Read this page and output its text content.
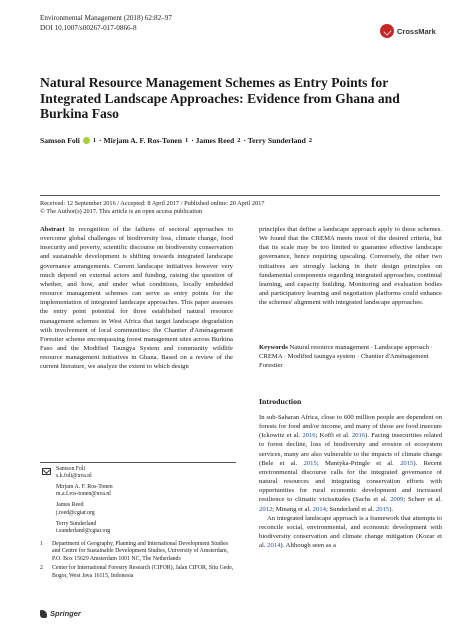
Environmental Management (2018) 62:82–97
DOI 10.1007/s00267-017-0866-8	CrossMark
Natural Resource Management Schemes as Entry Points for Integrated Landscape Approaches: Evidence from Ghana and Burkina Faso
Samson Foli 1 · Mirjam A. F. Ros-Tonen 1 · James Reed 2 · Terry Sunderland 2
Received: 12 September 2016 / Accepted: 8 April 2017 / Published online: 20 April 2017
© The Author(s) 2017. This article is an open access publication
Abstract In recognition of the failures of sectoral approaches to overcome global challenges of biodiversity loss, climate change, food insecurity and poverty, scientific discourse on biodiversity conservation and sustainable development is shifting towards integrated landscape governance arrangements. Current landscape initiatives however very much depend on external actors and funding, raising the question of whether, and how, and under what conditions, locally embedded resource management schemes can serve as entry points for the implementation of integrated landscape approaches. This paper assesses the entry point potential for three established natural resource management schemes in West Africa that target landscape degradation with involvement of local communities: the Chantier d'Aménagement Forestier scheme encompassing forest management sites across Burkina Faso and the Modified Taungya System and community wildlife resource management initiatives in Ghana. Based on a review of the current literature, we analyze the extent to which design
principles that define a landscape approach apply to these schemes. We found that the CREMA meets most of the desired criteria, but that its scale may be too limited to guarantee effective landscape governance, hence requiring upscaling. Conversely, the other two initiatives are strongly lacking in their design principles on fundamental components regarding integrated approaches, continual learning, and capacity building. Monitoring and evaluation bodies and participatory learning and negotiation platforms could enhance the schemes' alignment with integrated landscape approaches.
Keywords Natural resource management · Landscape approach · CREMA · Modified taungya system · Chantier d'Aménagement Forestier
Introduction

In sub-Saharan Africa, close to 600 million people are dependent on forests for food and/or income, and many of those are food insecure (Ickowitz et al. 2016; Koffi et al. 2016). Facing insecurities related to forest decline, loss of biodiversity and erosion of ecosystem services, many are also vulnerable to the impacts of climate change (Bele et al. 2015; Mantyka-Pringle et al. 2015). Recent environmental discourse calls for the integrated governance of natural resources and integrating conservation efforts with opportunities for rural economic development and increased resilience to climatic vicissitudes (Sachs et al. 2009; Scherr et al. 2012; Minang et al. 2014; Sunderland et al. 2015).

An integrated landscape approach is a framework that attempts to reconcile social, environmental, and economic development with biodiversity conservation and climate change mitigation (Kozar et al. 2014). Although seen as a

Samson Foli
s.k.foli@uva.nl
Mirjam A. F. Ros-Tonen
m.a.f.ros-tonen@uva.nl
James Reed
j.reed@cgiar.org
Terry Sunderland
t.sunderland@cgiar.org
1	Department of Geography, Planning and International Development Studies and Centre for Sustainable Development Studies, University of Amsterdam, P.O. Box 15629 Amsterdam 1001 NC, The Netherlands
2	Center for International Forestry Research (CIFOR), Jalan CIFOR, Situ Gede, Bogor, West Java 16115, Indonesia
Springer
